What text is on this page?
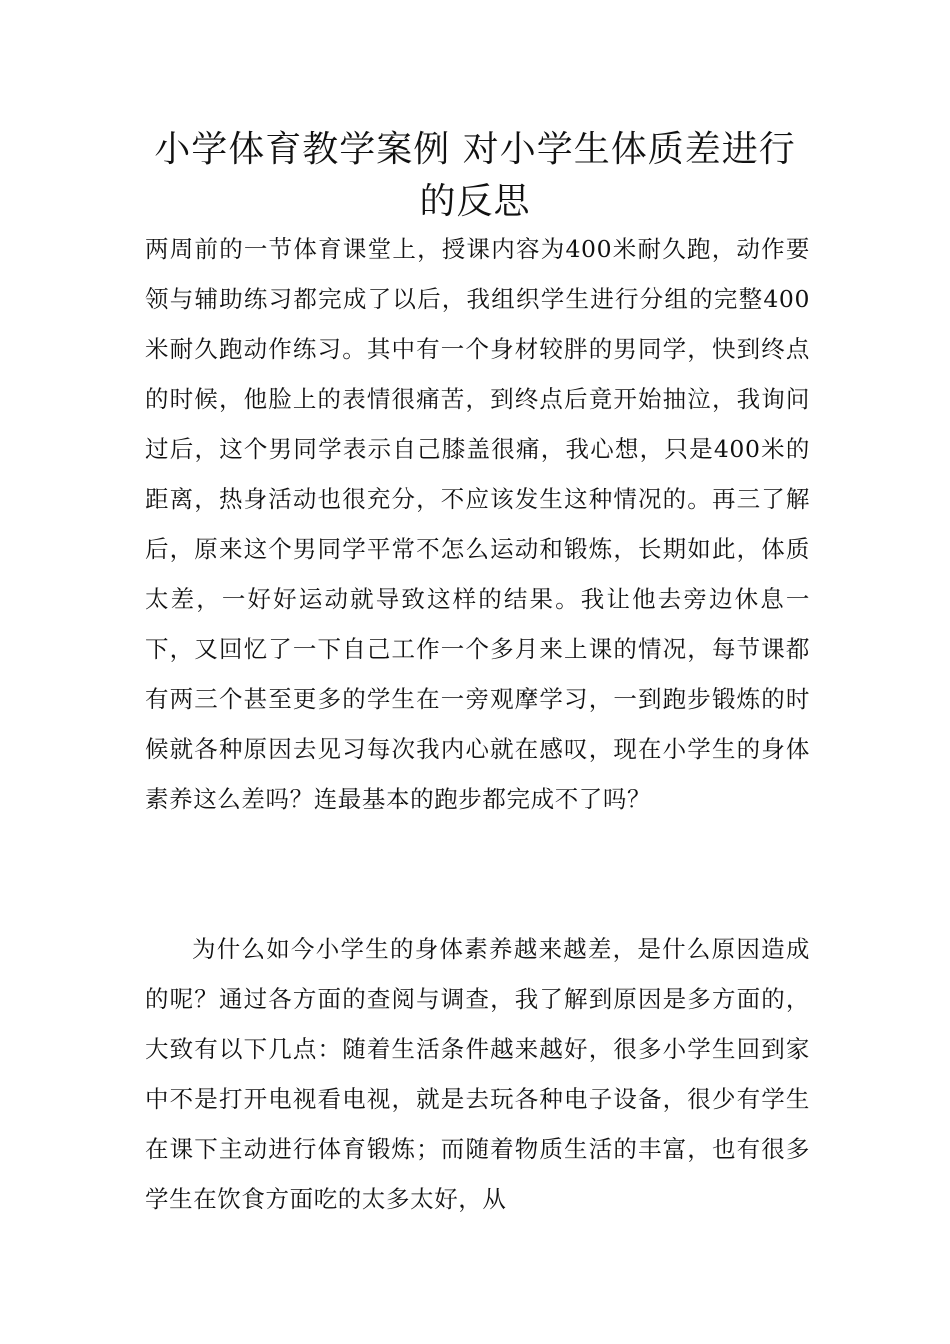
小学体育教学案例 对小学生体质差进行的反思

两周前的一节体育课堂上，授课内容为400米耐久跑，动作要领与辅助练习都完成了以后，我组织学生进行分组的完整400米耐久跑动作练习。其中有一个身材较胖的男同学，快到终点的时候，他脸上的表情很痛苦，到终点后竟开始抽泣，我询问过后，这个男同学表示自己膝盖很痛，我心想，只是400米的距离，热身活动也很充分，不应该发生这种情况的。再三了解后，原来这个男同学平常不怎么运动和锻炼，长期如此，体质太差，一好好运动就导致这样的结果。我让他去旁边休息一下，又回忆了一下自己工作一个多月来上课的情况，每节课都有两三个甚至更多的学生在一旁观摩学习，一到跑步锻炼的时候就各种原因去见习每次我内心就在感叹，现在小学生的身体素养这么差吗？连最基本的跑步都完成不了吗？

为什么如今小学生的身体素养越来越差，是什么原因造成的呢？通过各方面的查阅与调查，我了解到原因是多方面的，大致有以下几点：随着生活条件越来越好，很多小学生回到家中不是打开电视看电视，就是去玩各种电子设备，很少有学生在课下主动进行体育锻炼；而随着物质生活的丰富，也有很多学生在饮食方面吃的太多太好，从
